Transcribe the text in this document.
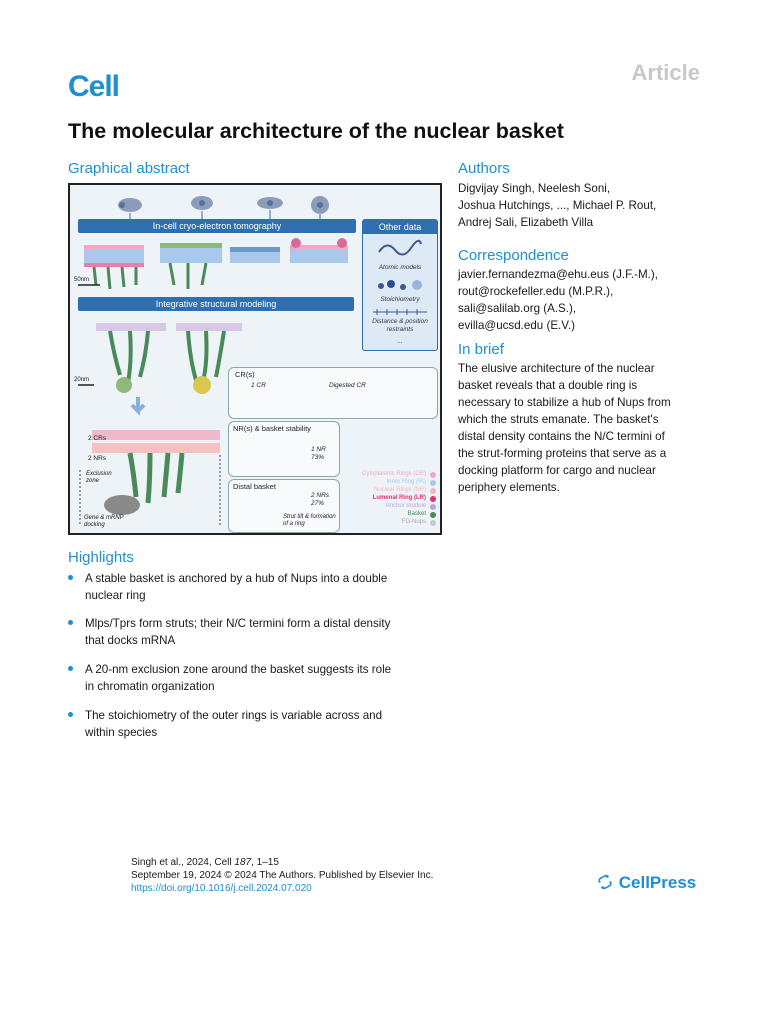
Cell	Article
The molecular architecture of the nuclear basket
Graphical abstract
In-cell cryo-electron tomography
Integrative structural modeling
50nm
20nm
Other data
Atomic models
Stoichiometry
Distance & position restraints
...
CR(s)
1 CR	Digested CR
NR(s) & basket stability
1 NR
73%
Distal basket
2 NRs
27%
Strut tilt & formation of a ring
2 CRs
2 NRs
Exclusion zone
Gene & mRNP docking
Cytoplasmic Rings (CR)
Inner Ring (IR)
Nuclear Rings (NR)
Lumenal Ring (LR)
Anchor module
Basket
FG-Nups
Authors
Digvijay Singh, Neelesh Soni,
Joshua Hutchings, ..., Michael P. Rout,
Andrej Sali, Elizabeth Villa
Correspondence
javier.fernandezma@ehu.eus (J.F.-M.),
rout@rockefeller.edu (M.P.R.),
sali@salilab.org (A.S.),
evilla@ucsd.edu (E.V.)
In brief
The elusive architecture of the nuclear
basket reveals that a double ring is
necessary to stabilize a hub of Nups from
which the struts emanate. The basket's
distal density contains the N/C termini of
the strut-forming proteins that serve as a
docking platform for cargo and nuclear
periphery elements.
Highlights
A stable basket is anchored by a hub of Nups into a double
nuclear ring
Mlps/Tprs form struts; their N/C termini form a distal density
that docks mRNA
A 20-nm exclusion zone around the basket suggests its role
in chromatin organization
The stoichiometry of the outer rings is variable across and
within species
Singh et al., 2024, Cell 187, 1–15
September 19, 2024 © 2024 The Authors. Published by Elsevier Inc.
https://doi.org/10.1016/j.cell.2024.07.020	CellPress
